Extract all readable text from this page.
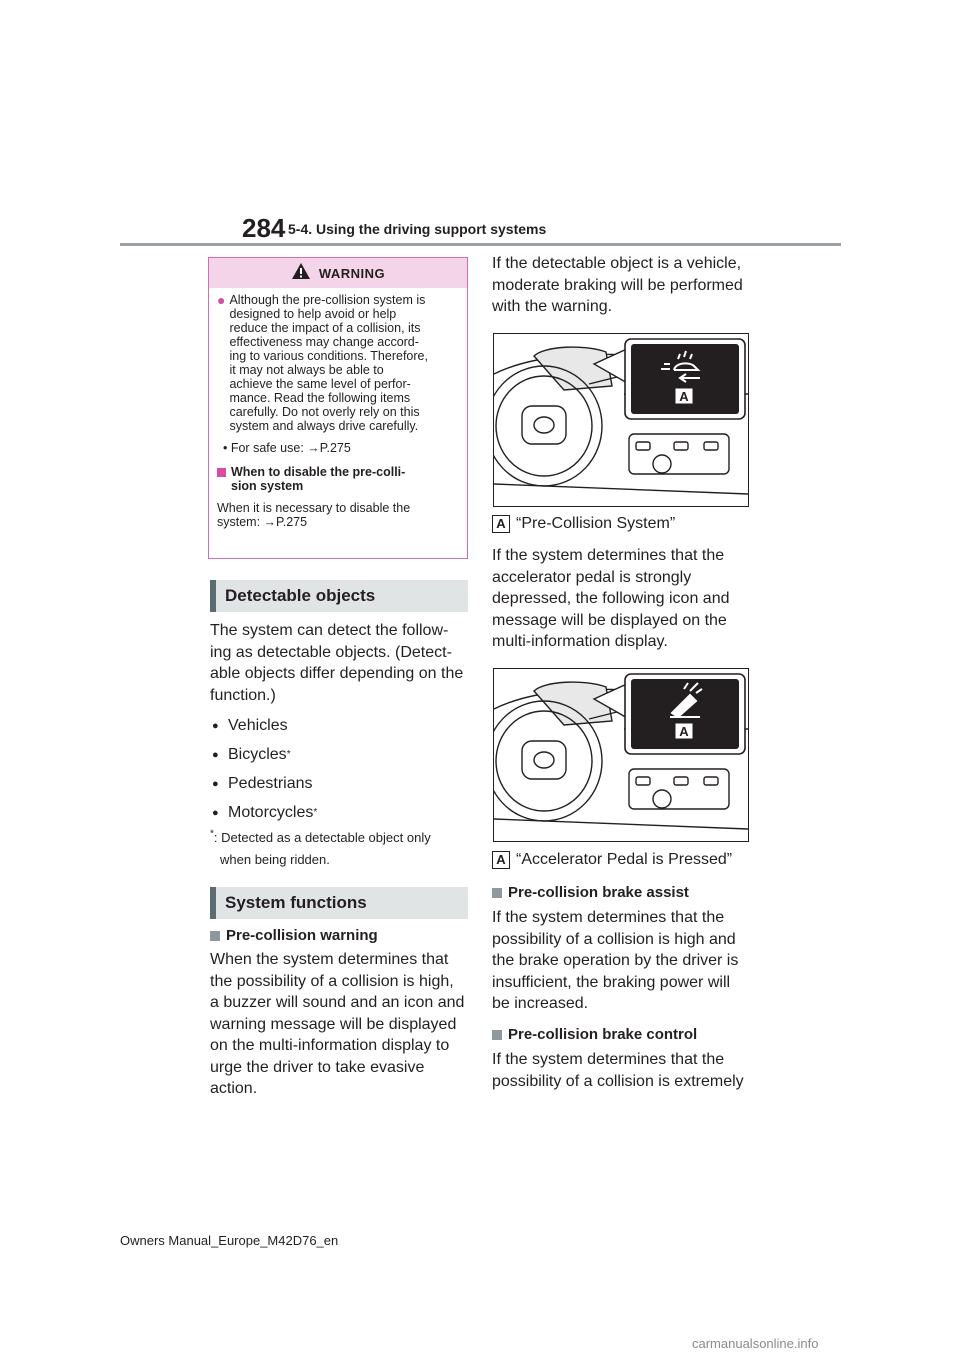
284 5-4. Using the driving support systems
WARNING
● Although the pre-collision system is
designed to help avoid or help
reduce the impact of a collision, its
effectiveness may change accord-
ing to various conditions. Therefore,
it may not always be able to
achieve the same level of perfor-
mance. Read the following items
carefully. Do not overly rely on this
system and always drive carefully.
• For safe use: →P.275
When to disable the pre-colli-
sion system
When it is necessary to disable the
system: →P.275
Detectable objects
The system can detect the follow-
ing as detectable objects. (Detect-
able objects differ depending on the
function.)
● Vehicles
● Bicycles *
● Pedestrians
● Motorcycles *
*: Detected as a detectable object only
when being ridden.
System functions
Pre-collision warning
When the system determines that
the possibility of a collision is high,
a buzzer will sound and an icon and
warning message will be displayed
on the multi-information display to
urge the driver to take evasive
action.
If the detectable object is a vehicle,
moderate braking will be performed
with the warning.
A
A “Pre-Collision System”
If the system determines that the
accelerator pedal is strongly
depressed, the following icon and
message will be displayed on the
multi-information display.
A
A “Accelerator Pedal is Pressed”
Pre-collision brake assist
If the system determines that the
possibility of a collision is high and
the brake operation by the driver is
insufficient, the braking power will
be increased.
Pre-collision brake control
If the system determines that the
possibility of a collision is extremely
Owners Manual_Europe_M42D76_en
carmanualsonline.info
